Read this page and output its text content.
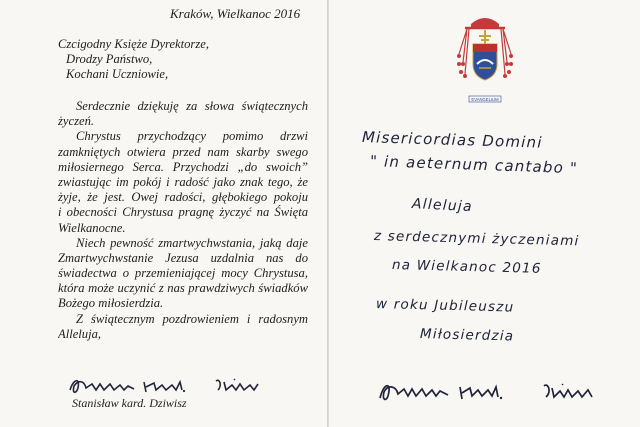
Kraków, Wielkanoc 2016
Czcigodny Księże Dyrektorze,
Drodzy Państwo,
Kochani Uczniowie,
Serdecznie dziękuję za słowa świątecznych
życzeń.
Chrystus przychodzący pomimo drzwi
zamkniętych otwiera przed nam skarby swego
miłosiernego Serca. Przychodzi „do swoich”
zwiastując im pokój i radość jako znak tego, że
żyje, że jest. Owej radości, głębokiego pokoju
i obecności Chrystusa pragnę życzyć na Święta
Wielkanocne.
Niech pewność zmartwychwstania, jaką daje
Zmartwychwstanie Jezusa uzdalnia nas do
świadectwa o przemieniającej mocy Chrystusa,
która może uczynić z nas prawdziwych świadków
Bożego miłosierdzia.
Z świątecznym pozdrowieniem i radosnym
Alleluja,
Stanisław kard. Dziwisz
EVANGELIUM
Misericordias Domini
" in aeternum cantabo "
Alleluja
z serdecznymi życzeniami
na Wielkanoc 2016
w roku Jubileuszu
Miłosierdzia
